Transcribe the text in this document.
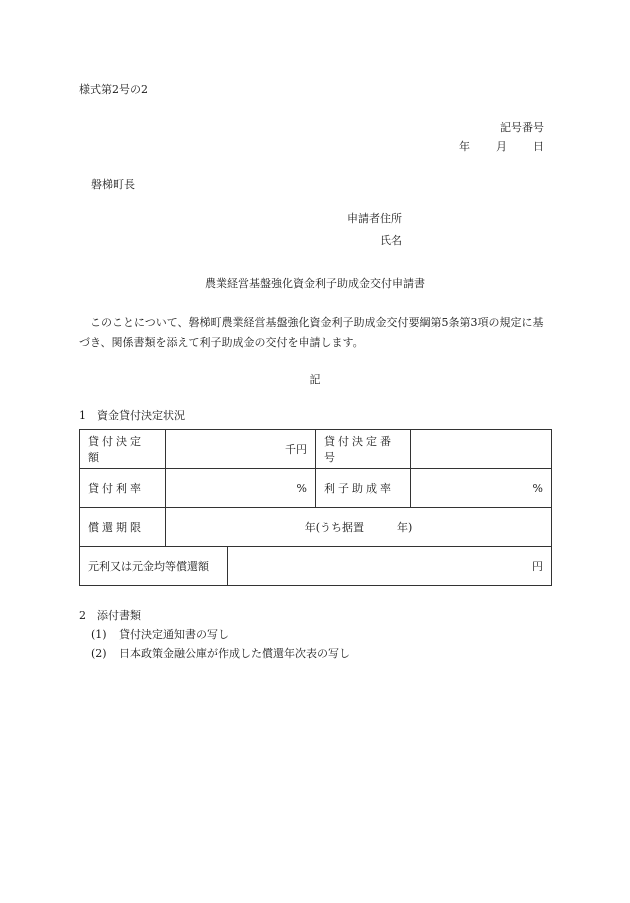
様式第2号の2
記号番号
年 月 日
磐梯町長
申請者住所
氏名
農業経営基盤強化資金利子助成金交付申請書
このことについて、磐梯町農業経営基盤強化資金利子助成金交付要綱第5条第3項の規定に基づき、関係書類を添えて利子助成金の交付を申請します。
記
1　資金貸付決定状況
貸付決定額	千円		貸付決定番号	
貸付利率	%		利子助成率	%
償還期限	年(うち据置　　　年)			
元利又は元金均等償還額		円		
2　添付書類
(1) 貸付決定通知書の写し
(2) 日本政策金融公庫が作成した償還年次表の写し
